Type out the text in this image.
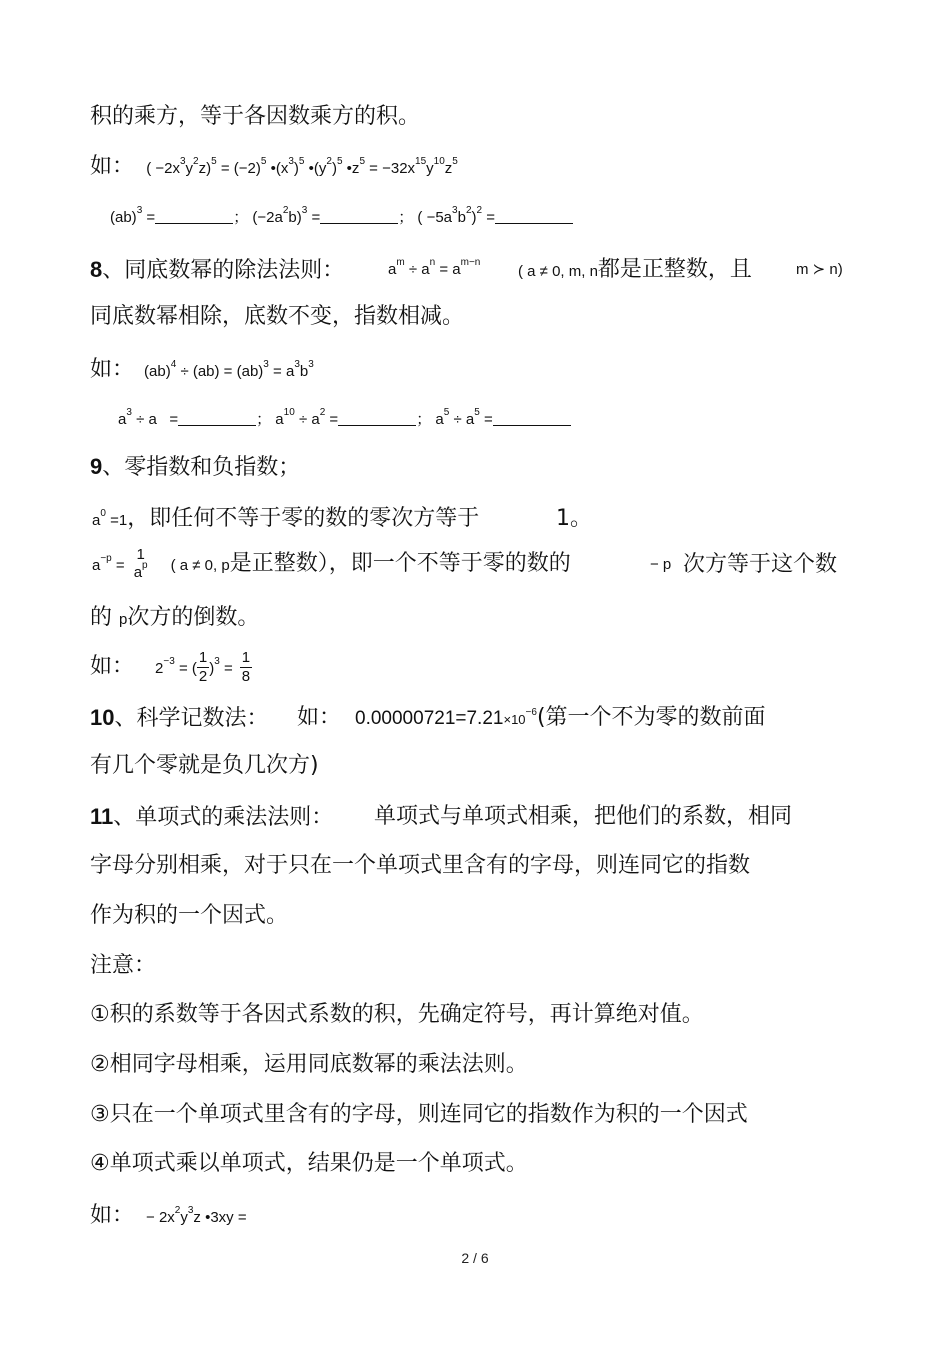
积的乘方，等于各因数乘方的积。
如： ( $-2x^3y^2z)^5 = (-2)^5$ $•(x^3)^5$ $•(y^2)^5$ $•z^5 = -32x^{15}y^{10}z^5$
(ab)$^3$ =	； $(-2a^2b)^3$ =	； ( $-5a^3b^2)^2$ =
8、同底数幂的除法法则：	$a^m \div a^n = a^{m-n}$
( a ≠ 0, m, n都是正整数，且	m ≻ n)
同底数幂相除，底数不变，指数相减。
如： $(ab)^4 \div (ab) = (ab)^3 = a^3b^3$
$a^3 \div a$ =	； $a^{10} \div a^2$ =	； $a^5 \div a^5$ =
9、零指数和负指数；
$a^0 =1$，即任何不等于零的数的零次方等于	1。
$a^{-p}$ =
1
$a^p$ ( a ≠ 0, p是正整数），即一个不等于零的数的	− p 次方等于这个数
的 p次方的倒数。
如： $2^{-3}$ = ( $\frac{1}{2} )^3 = \frac{1}{8}$
10、科学记数法： 如： $0.00000721=7.21\times 10^{-6}$(第一个不为零的数前面
有几个零就是负几次方)
11、单项式的乘法法则： 单项式与单项式相乘，把他们的系数，相同
字母分别相乘，对于只在一个单项式里含有的字母，则连同它的指数
作为积的一个因式。
注意：
①积的系数等于各因式系数的积，先确定符号，再计算绝对值。
②相同字母相乘，运用同底数幂的乘法法则。
③只在一个单项式里含有的字母，则连同它的指数作为积的一个因式
④单项式乘以单项式，结果仍是一个单项式。
如： − $2x^2y^3z$ •3xy =
2 / 6
